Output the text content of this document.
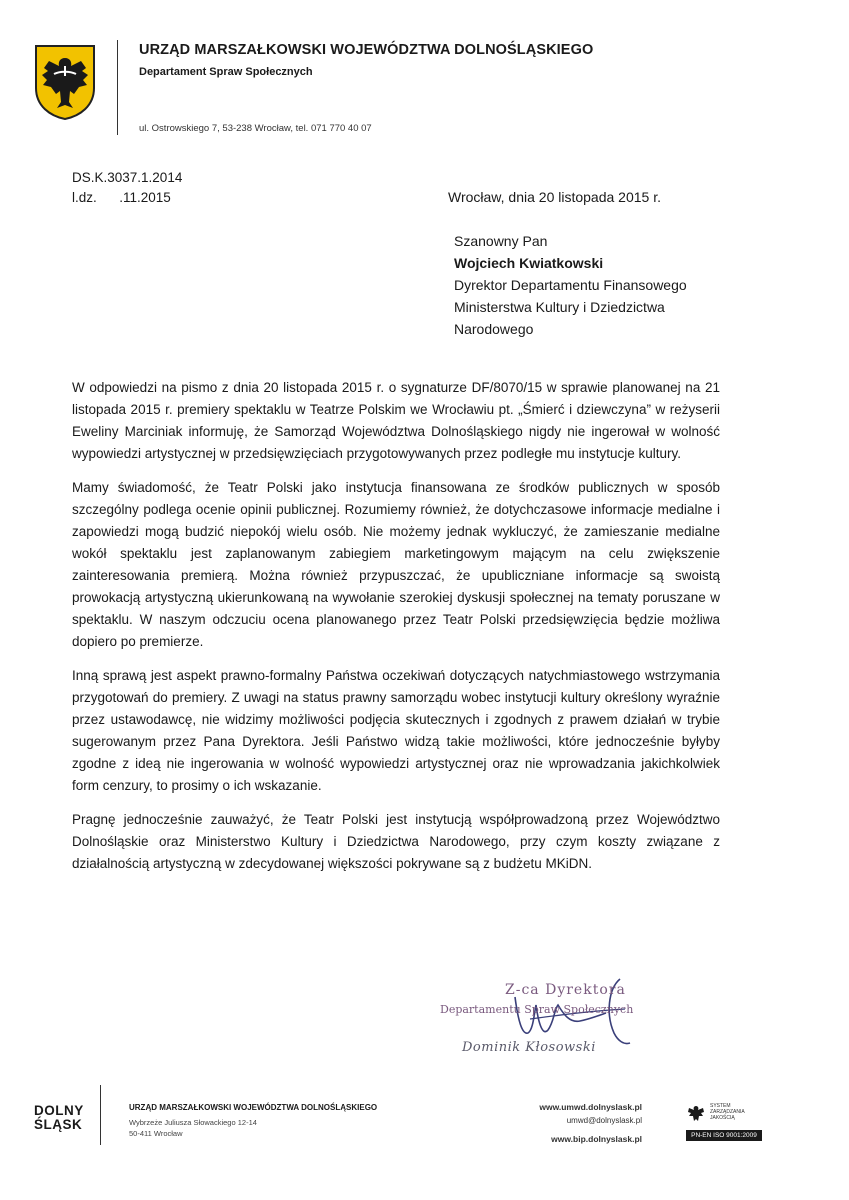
URZĄD MARSZAŁKOWSKI WOJEWÓDZTWA DOLNOŚLĄSKIEGO
Departament Spraw Społecznych
ul. Ostrowskiego 7, 53-238 Wrocław, tel. 071 770 40 07
DS.K.3037.1.2014
l.dz.      .11.2015	Wrocław, dnia 20 listopada 2015 r.
Szanowny Pan
Wojciech Kwiatkowski
Dyrektor Departamentu Finansowego
Ministerstwa Kultury i Dziedzictwa
Narodowego

W odpowiedzi na pismo z dnia 20 listopada 2015 r. o sygnaturze DF/8070/15 w sprawie planowanej na 21 listopada 2015 r. premiery spektaklu w Teatrze Polskim we Wrocławiu pt. „Śmierć i dziewczyna” w reżyserii Eweliny Marciniak informuję, że Samorząd Województwa Dolnośląskiego nigdy nie ingerował w wolność wypowiedzi artystycznej w przedsięwzięciach przygotowywanych przez podległe mu instytucje kultury.

Mamy świadomość, że Teatr Polski jako instytucja finansowana ze środków publicznych w sposób szczególny podlega ocenie opinii publicznej. Rozumiemy również, że dotychczasowe informacje medialne i zapowiedzi mogą budzić niepokój wielu osób. Nie możemy jednak wykluczyć, że zamieszanie medialne wokół spektaklu jest zaplanowanym zabiegiem marketingowym mającym na celu zwiększenie zainteresowania premierą. Można również przypuszczać, że upubliczniane informacje są swoistą prowokacją artystyczną ukierunkowaną na wywołanie szerokiej dyskusji społecznej na tematy poruszane w spektaklu. W naszym odczuciu ocena planowanego przez Teatr Polski przedsięwzięcia będzie możliwa dopiero po premierze.

Inną sprawą jest aspekt prawno-formalny Państwa oczekiwań dotyczących natychmiastowego wstrzymania przygotowań do premiery. Z uwagi na status prawny samorządu wobec instytucji kultury określony wyraźnie przez ustawodawcę, nie widzimy możliwości podjęcia skutecznych i zgodnych z prawem działań w trybie sugerowanym przez Pana Dyrektora. Jeśli Państwo widzą takie możliwości, które jednocześnie byłyby zgodne z ideą nie ingerowania w wolność wypowiedzi artystycznej oraz nie wprowadzania jakichkolwiek form cenzury, to prosimy o ich wskazanie.

Pragnę jednocześnie zauważyć, że Teatr Polski jest instytucją współprowadzoną przez Województwo Dolnośląskie oraz Ministerstwo Kultury i Dziedzictwa Narodowego, przy czym koszty związane z działalnością artystyczną w zdecydowanej większości pokrywane są z budżetu MKiDN.

Z-ca Dyrektora
Departamentu Spraw Społecznych
Dominik Kłosowski
DOLNY
ŚLĄSK
URZĄD MARSZAŁKOWSKI WOJEWÓDZTWA DOLNOŚLĄSKIEGO
Wybrzeże Juliusza Słowackiego 12-14
50-411 Wrocław
www.umwd.dolnyslask.pl
umwd@dolnyslask.pl
www.bip.dolnyslask.pl
SYSTEM
ZARZĄDZANIA
JAKOŚCIĄ
PN-EN ISO 9001:2009
